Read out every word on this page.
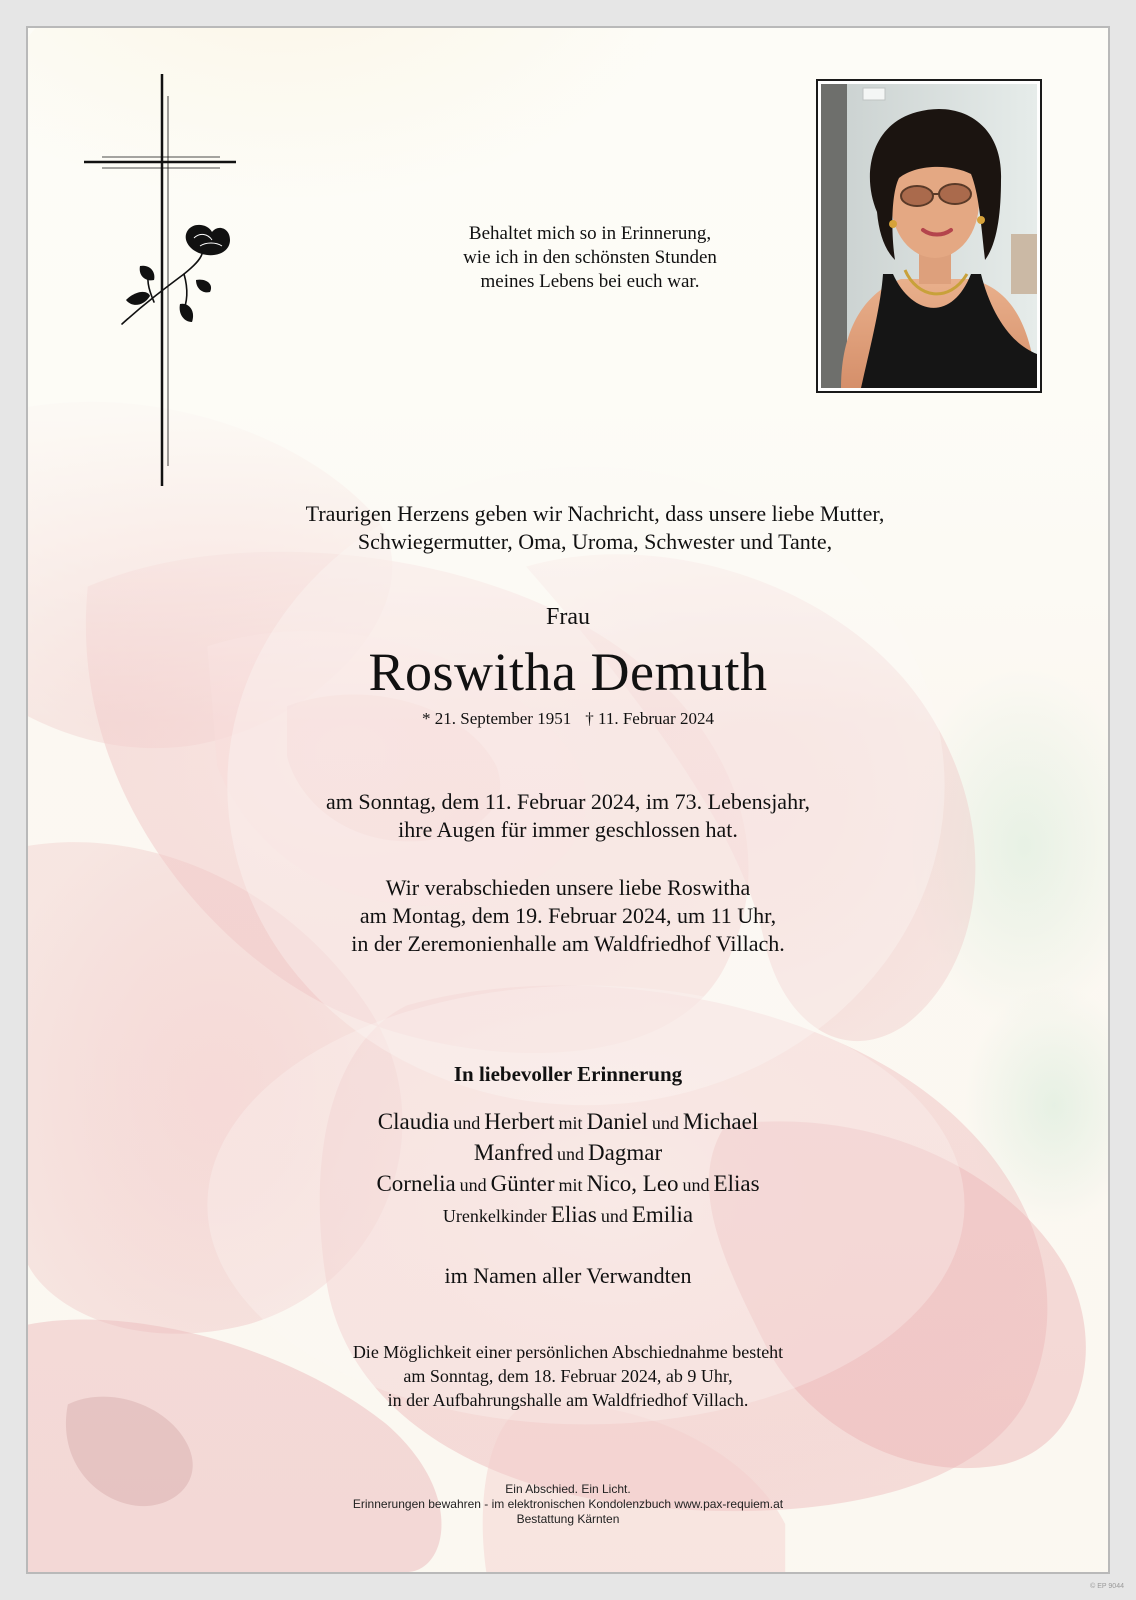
Behaltet mich so in Erinnerung,
wie ich in den schönsten Stunden
meines Lebens bei euch war.
Traurigen Herzens geben wir Nachricht, dass unsere liebe Mutter,
Schwiegermutter, Oma, Uroma, Schwester und Tante,
Frau
Roswitha Demuth
* 21. September 1951 † 11. Februar 2024
am Sonntag, dem 11. Februar 2024, im 73. Lebensjahr,
ihre Augen für immer geschlossen hat.
Wir verabschieden unsere liebe Roswitha
am Montag, dem 19. Februar 2024, um 11 Uhr,
in der Zeremonienhalle am Waldfriedhof Villach.
In liebevoller Erinnerung
Claudia und Herbert mit Daniel und Michael
Manfred und Dagmar
Cornelia und Günter mit Nico, Leo und Elias
Urenkelkinder Elias und Emilia
im Namen aller Verwandten
Die Möglichkeit einer persönlichen Abschiednahme besteht
am Sonntag, dem 18. Februar 2024, ab 9 Uhr,
in der Aufbahrungshalle am Waldfriedhof Villach.
Ein Abschied. Ein Licht.
Erinnerungen bewahren - im elektronischen Kondolenzbuch www.pax-requiem.at
Bestattung Kärnten
© EP 9044
